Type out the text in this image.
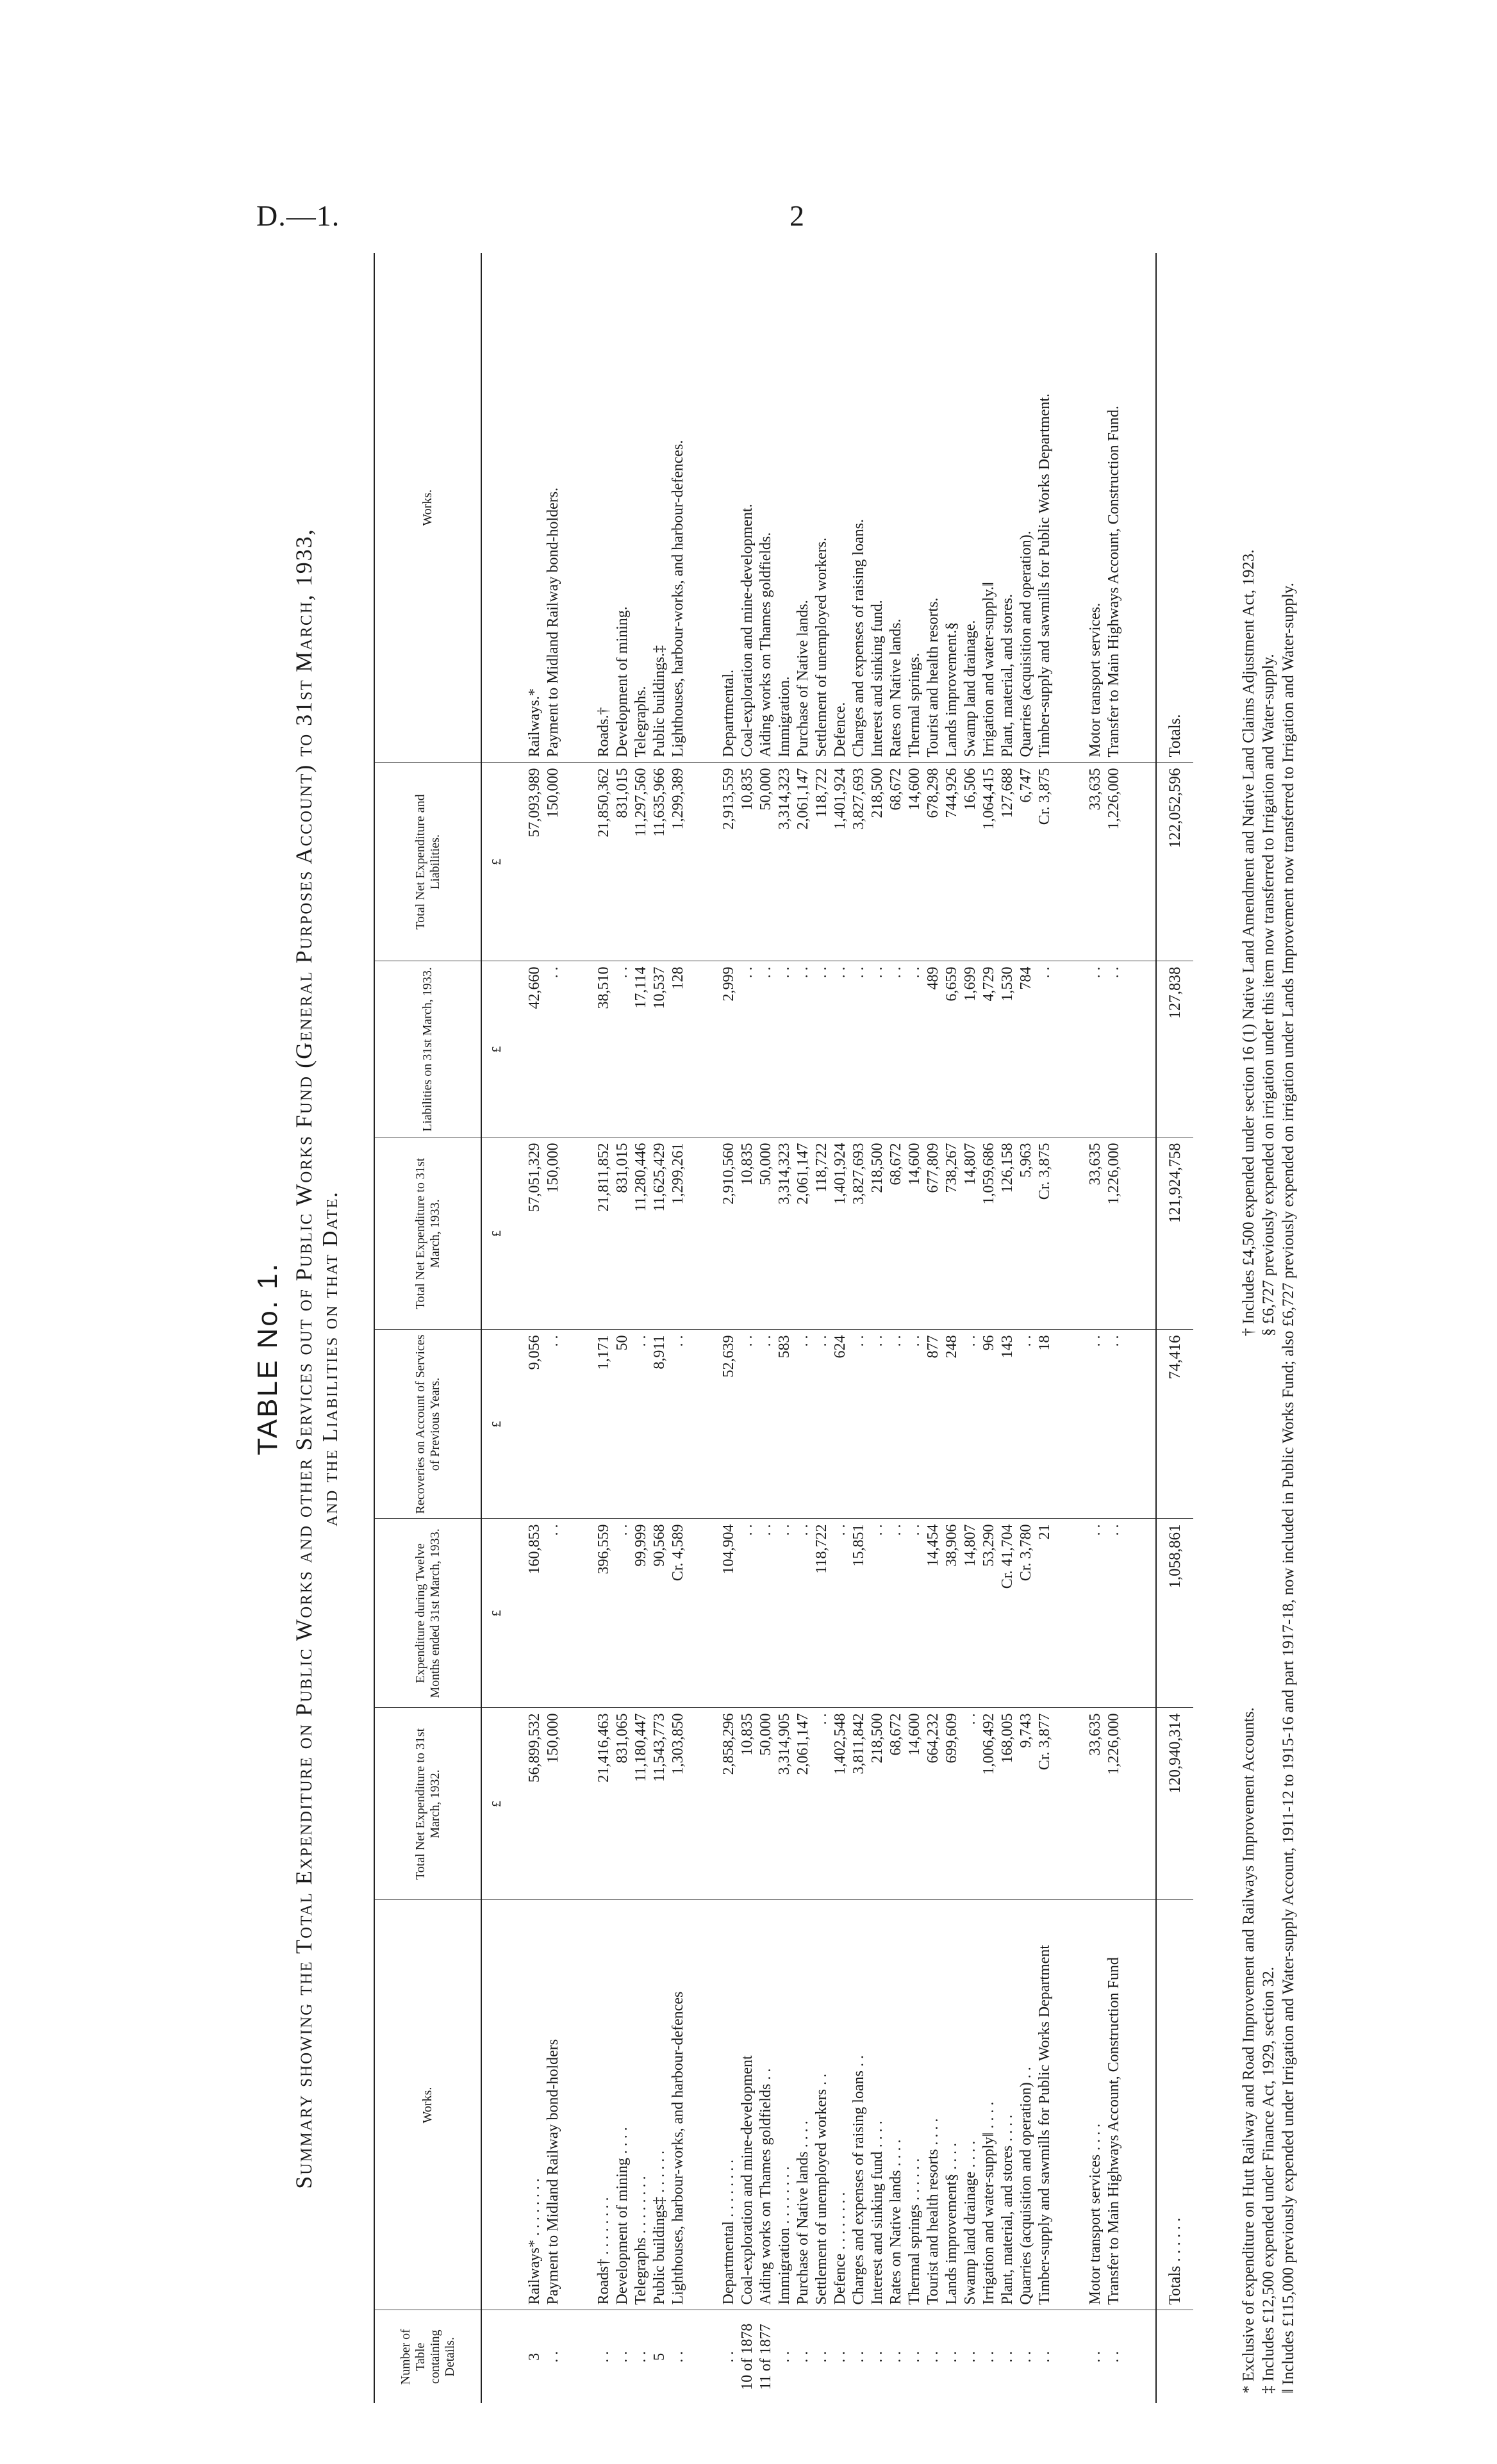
D.—1.	2
TABLE No. 1. Summary showing the Total Expenditure on Public Works and other Services out of Public Works Fund (General Purposes Account) to 31st March, 1933, and the Liabilities on that Date.
Number of Table containing Details.	Works.	Total Net Expenditure to 31st March, 1932.	Expenditure during Twelve Months ended 31st March, 1933.	Recoveries on Account of Services of Previous Years.	Total Net Expenditure to 31st March, 1933.	Liabilities on 31st March, 1933.	Total Net Expenditure and Liabilities.	Works.
		£	£	£	£	£	£	
3	Railways* . . . . . . . .	56,899,532	160,853	9,056	57,051,329	42,660	57,093,989	Railways.*
. .	Payment to Midland Railway bond-holders	150,000	. .	. .	150,000	. .	150,000	Payment to Midland Railway bond-holders.

. .	Roads† . . . . . . . .	21,416,463	396,559	1,171	21,811,852	38,510	21,850,362	Roads.†
. .	Development of mining . . . .	831,065	. .	50	831,015	. .	831,015	Development of mining.
. .	Telegraphs . . . . . . . .	11,180,447	99,999	. .	11,280,446	17,114	11,297,560	Telegraphs.
5	Public buildings‡ . . . . . .	11,543,773	90,568	8,911	11,625,429	10,537	11,635,966	Public buildings.‡
. .	Lighthouses, harbour-works, and harbour-defences	1,303,850	Cr. 4,589	. .	1,299,261	128	1,299,389	Lighthouses, harbour-works, and harbour-defences.

. .	Departmental . . . . . . . .	2,858,296	104,904	52,639	2,910,560	2,999	2,913,559	Departmental.
10 of 1878	Coal-exploration and mine-development	10,835	. .	. .	10,835	. .	10,835	Coal-exploration and mine-development.
11 of 1877	Aiding works on Thames goldfields . .	50,000	. .	. .	50,000	. .	50,000	Aiding works on Thames goldfields.
. .	Immigration . . . . . . . .	3,314,905	. .	583	3,314,323	. .	3,314,323	Immigration.
. .	Purchase of Native lands . . . .	2,061,147	. .	. .	2,061,147	. .	2,061,147	Purchase of Native lands.
. .	Settlement of unemployed workers . .	. .	118,722	. .	118,722	. .	118,722	Settlement of unemployed workers.
. .	Defence . . . . . . . .	1,402,548	. .	624	1,401,924	. .	1,401,924	Defence.
. .	Charges and expenses of raising loans . .	3,811,842	15,851	. .	3,827,693	. .	3,827,693	Charges and expenses of raising loans.
. .	Interest and sinking fund . . . .	218,500	. .	. .	218,500	. .	218,500	Interest and sinking fund.
. .	Rates on Native lands . . . .	68,672	. .	. .	68,672	. .	68,672	Rates on Native lands.
. .	Thermal springs . . . . . .	14,600	. .	. .	14,600	. .	14,600	Thermal springs.
. .	Tourist and health resorts . . . .	664,232	14,454	877	677,809	489	678,298	Tourist and health resorts.
. .	Lands improvement§ . . . .	699,609	38,906	248	738,267	6,659	744,926	Lands improvement.§
. .	Swamp land drainage . . . .	. .	14,807	. .	14,807	1,699	16,506	Swamp land drainage.
. .	Irrigation and water-supply‖ . . . .	1,006,492	53,290	96	1,059,686	4,729	1,064,415	Irrigation and water-supply.‖
. .	Plant, material, and stores . . . .	168,005	Cr. 41,704	143	126,158	1,530	127,688	Plant, material, and stores.
. .	Quarries (acquisition and operation) . .	9,743	Cr. 3,780	. .	5,963	784	6,747	Quarries (acquisition and operation).
. .	Timber-supply and sawmills for Public Works Department	Cr. 3,877	21	18	Cr. 3,875	. .	Cr. 3,875	Timber-supply and sawmills for Public Works Department.

. .	Motor transport services . . . .	33,635	. .	. .	33,635	. .	33,635	Motor transport services.
. .	Transfer to Main Highways Account, Construction Fund	1,226,000	. .	. .	1,226,000	. .	1,226,000	Transfer to Main Highways Account, Construction Fund.

	Totals . . . . . .	120,940,314	1,058,861	74,416	121,924,758	127,838	122,052,596	Totals.
* Exclusive of expenditure on Hutt Railway and Road Improvement and Railways Improvement Accounts.
† Includes £4,500 expended under section 16 (1) Native Land Amendment and Native Land Claims Adjustment Act, 1923.
‡ Includes £12,500 expended under Finance Act, 1929, section 32.
§ £6,727 previously expended on irrigation under this item now transferred to Irrigation and Water-supply. ‖ Includes £115,000 previously expended under Irrigation and Water-supply Account, 1911-12 to 1915-16 and part 1917-18, now included in Public Works Fund; also £6,727 previously expended on irrigation under Lands Improvement now transferred to Irrigation and Water-supply.
